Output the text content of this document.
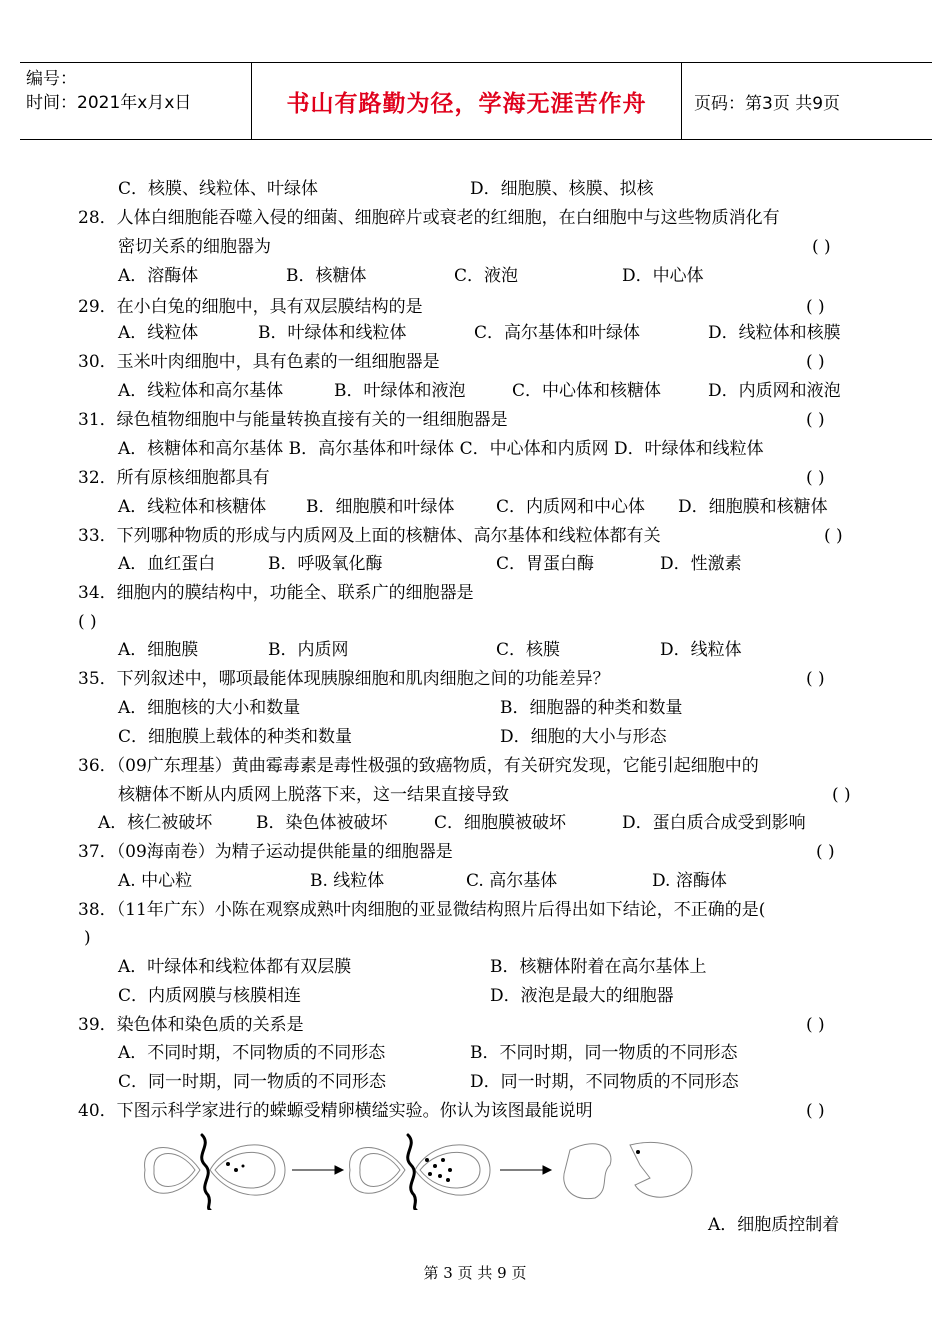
编号：
时间：2021年x月x日	书山有路勤为径，学海无涯苦作舟	页码：第3页 共9页
C．核膜、线粒体、叶绿体	D．细胞膜、核膜、拟核
28．人体白细胞能吞噬入侵的细菌、细胞碎片或衰老的红细胞，在白细胞中与这些物质消化有
密切关系的细胞器为
A．溶酶体	B．核糖体	C．液泡	D．中心体
29．在小白兔的细胞中，具有双层膜结构的是
A．线粒体	B．叶绿体和线粒体	C．高尔基体和叶绿体	D．线粒体和核膜
30．玉米叶肉细胞中，具有色素的一组细胞器是
A．线粒体和高尔基体	B．叶绿体和液泡	C．中心体和核糖体	D．内质网和液泡
31．绿色植物细胞中与能量转换直接有关的一组细胞器是
A．核糖体和高尔基体 B．高尔基体和叶绿体 C．中心体和内质网 D．叶绿体和线粒体
32．所有原核细胞都具有
A．线粒体和核糖体 B．细胞膜和叶绿体 C．内质网和中心体 D．细胞膜和核糖体
33．下列哪种物质的形成与内质网及上面的核糖体、高尔基体和线粒体都有关
A．血红蛋白	B．呼吸氧化酶	C．胃蛋白酶	D．性激素
34．细胞内的膜结构中，功能全、联系广的细胞器是
A．细胞膜	B．内质网	C．核膜	D．线粒体
35．下列叙述中，哪项最能体现胰腺细胞和肌肉细胞之间的功能差异？
A．细胞核的大小和数量	B．细胞器的种类和数量
C．细胞膜上载体的种类和数量	D．细胞的大小与形态
36．（09广东理基）黄曲霉毒素是毒性极强的致癌物质，有关研究发现，它能引起细胞中的
核糖体不断从内质网上脱落下来，这一结果直接导致
A．核仁被破坏	B．染色体被破坏	C．细胞膜被破坏	D．蛋白质合成受到影响
37．（09海南卷）为精子运动提供能量的细胞器是
A. 中心粒	B. 线粒体	C. 高尔基体	D. 溶酶体
38．（11年广东）小陈在观察成熟叶肉细胞的亚显微结构照片后得出如下结论，不正确的是(
)
A．叶绿体和线粒体都有双层膜	B．核糖体附着在高尔基体上
C．内质网膜与核膜相连	D．液泡是最大的细胞器
39．染色体和染色质的关系是
A．不同时期，不同物质的不同形态	B．不同时期，同一物质的不同形态
C．同一时期，同一物质的不同形态	D．同一时期，不同物质的不同形态
40．下图示科学家进行的蝾螈受精卵横缢实验。你认为该图最能说明
A．细胞质控制着
( )
( )
( )
( )
( )
( )
( )
( )
( )
( )
( )
( )
第 3 页 共 9 页
